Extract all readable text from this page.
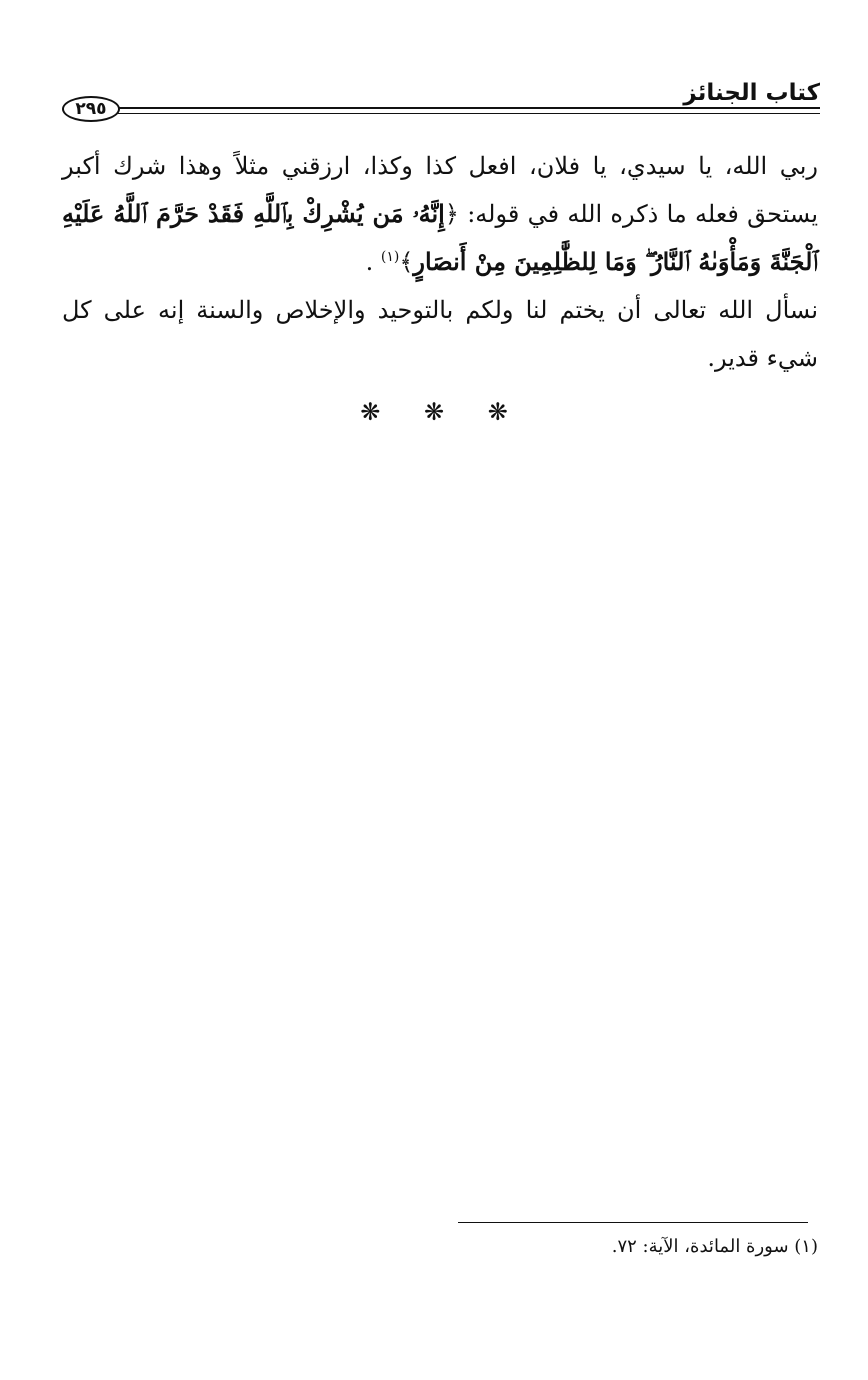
كتاب الجنائز
٢٩٥

ربي الله، يا سيدي، يا فلان، افعل كذا وكذا، ارزقني مثلاً وهذا شرك أكبر يستحق فعله ما ذكره الله في قوله: ﴿إِنَّهُۥ مَن يُشْرِكْ بِٱللَّهِ فَقَدْ حَرَّمَ ٱللَّهُ عَلَيْهِ ٱلْجَنَّةَ وَمَأْوَىٰهُ ٱلنَّارُ ۖ وَمَا لِلظَّٰلِمِينَ مِنْ أَنصَارٍ﴾$^{(١)}$ .

نسأل الله تعالى أن يختم لنا ولكم بالتوحيد والإخلاص والسنة إنه على كل شيء قدير.

❋ ❋ ❋
(١) سورة المائدة، الآية: ٧٢.
